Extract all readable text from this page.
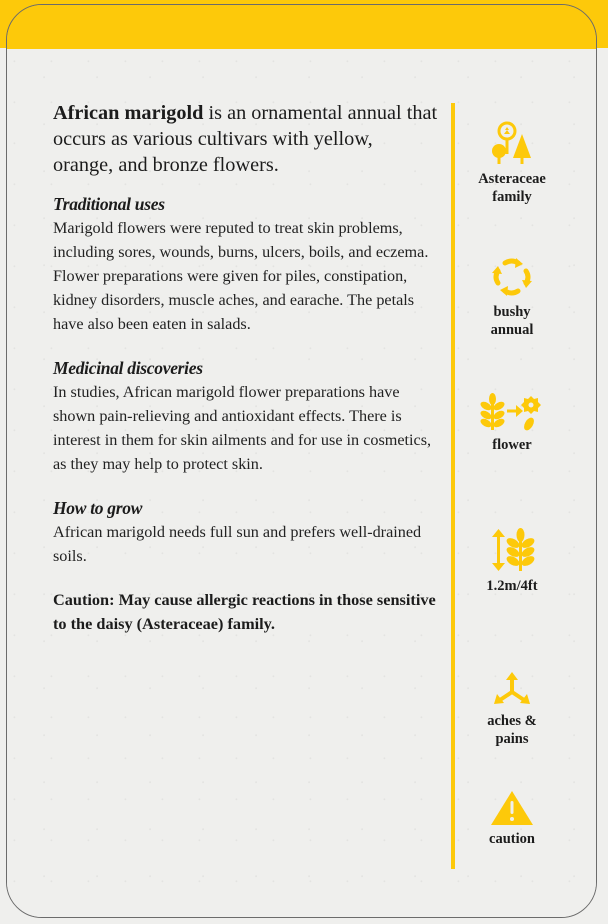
African marigold is an ornamental annual that occurs as various cultivars with yellow, orange, and bronze flowers.

Traditional uses
Marigold flowers were reputed to treat skin problems, including sores, wounds, burns, ulcers, boils, and eczema. Flower preparations were given for piles, constipation, kidney disorders, muscle aches, and earache. The petals have also been eaten in salads.
Medicinal discoveries
In studies, African marigold flower preparations have shown pain-relieving and antioxidant effects. There is interest in them for skin ailments and for use in cosmetics, as they may help to protect skin.
How to grow
African marigold needs full sun and prefers well-drained soils.
Caution: May cause allergic reactions in those sensitive to the daisy (Asteraceae) family.
Asteraceae
family
bushy
annual
flower
1.2m/4ft
aches &
pains
caution
